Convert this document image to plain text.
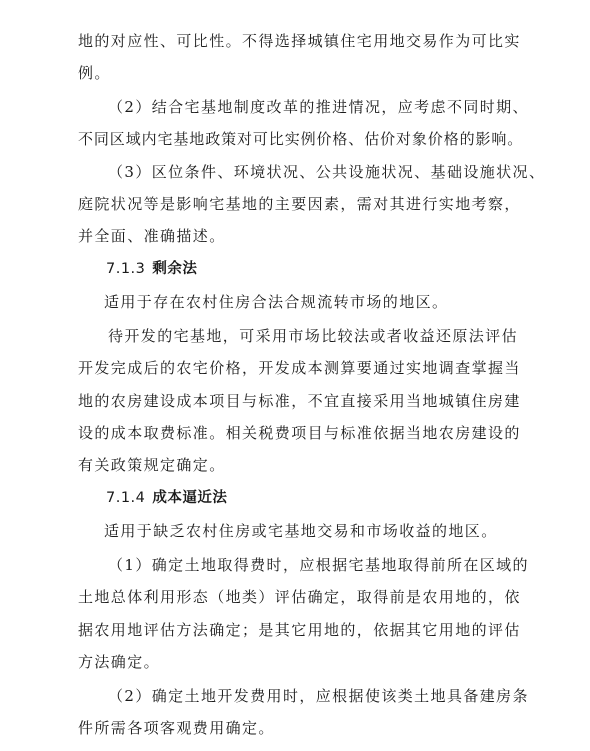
地的对应性、可比性。不得选择城镇住宅用地交易作为可比实
例。
（2）结合宅基地制度改革的推进情况，应考虑不同时期、
不同区域内宅基地政策对可比实例价格、估价对象价格的影响。
（3）区位条件、环境状况、公共设施状况、基础设施状况、
庭院状况等是影响宅基地的主要因素，需对其进行实地考察，
并全面、准确描述。
7.1.3 剩余法
适用于存在农村住房合法合规流转市场的地区。
待开发的宅基地，可采用市场比较法或者收益还原法评估
开发完成后的农宅价格，开发成本测算要通过实地调查掌握当
地的农房建设成本项目与标准，不宜直接采用当地城镇住房建
设的成本取费标准。相关税费项目与标准依据当地农房建设的
有关政策规定确定。
7.1.4 成本逼近法
适用于缺乏农村住房或宅基地交易和市场收益的地区。
（1）确定土地取得费时，应根据宅基地取得前所在区域的
土地总体利用形态（地类）评估确定，取得前是农用地的，依
据农用地评估方法确定；是其它用地的，依据其它用地的评估
方法确定。
（2）确定土地开发费用时，应根据使该类土地具备建房条
件所需各项客观费用确定。
